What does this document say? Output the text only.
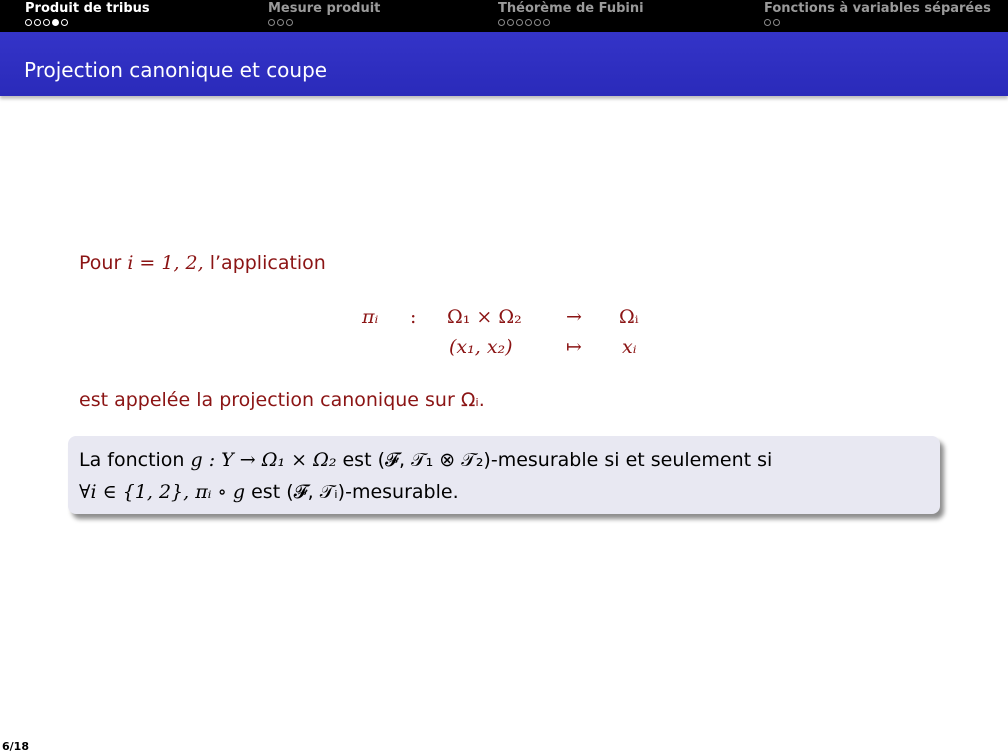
Produit de tribus	Mesure produit	Théorème de Fubini	Fonctions à variables séparées
Projection canonique et coupe
Pour i = 1, 2, l’application
πᵢ : Ω₁ × Ω₂ → Ωᵢ
(x₁, x₂)	↦ xᵢ
est appelée la projection canonique sur Ωᵢ.
La fonction g : Y → Ω₁ × Ω₂ est (𝓕, 𝒯₁ ⊗ 𝒯₂)-mesurable si et seulement si
∀i ∈ {1, 2}, πᵢ ∘ g est (𝓕, 𝒯ᵢ)-mesurable.
6/18
